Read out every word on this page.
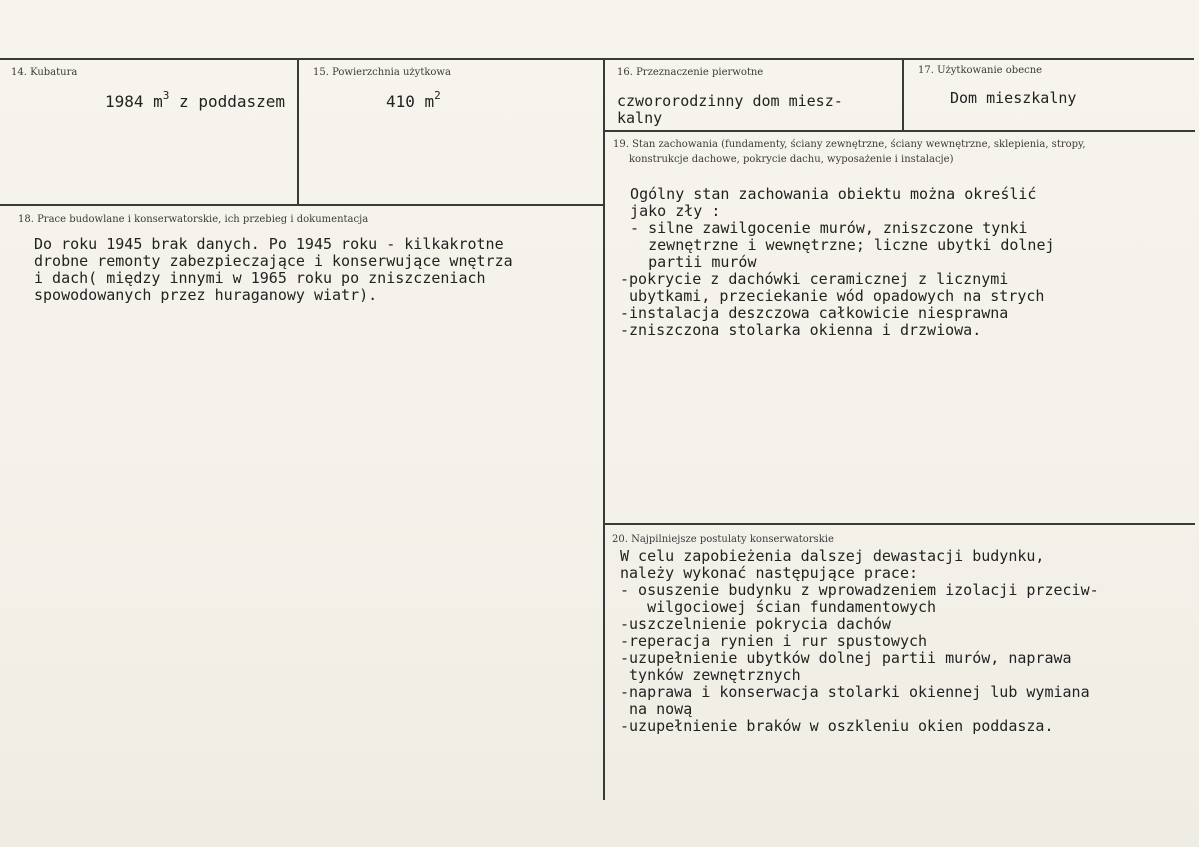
14. Kubatura
1984 $m^3$ z poddaszem
15. Powierzchnia użytkowa
410 $m^2$
16. Przeznaczenie pierwotne
czwororodzinny dom miesz-
kalny
17. Użytkowanie obecne
Dom mieszkalny
18. Prace budowlane i konserwatorskie, ich przebieg i dokumentacja
Do roku 1945 brak danych. Po 1945 roku - kilkakrotne
drobne remonty zabezpieczające i konserwujące wnętrza
i dach( między innymi w 1965 roku po zniszczeniach
spowodowanych przez huraganowy wiatr).
19. Stan zachowania (fundamenty, ściany zewnętrzne, ściany wewnętrzne, sklepienia, stropy,
konstrukcje dachowe, pokrycie dachu, wyposażenie i instalacje)
Ogólny stan zachowania obiektu można określić
jako zły :
- silne zawilgocenie murów, zniszczone tynki
zewnętrzne i wewnętrzne; liczne ubytki dolnej
partii murów
-pokrycie z dachówki ceramicznej z licznymi
ubytkami, przeciekanie wód opadowych na strych
-instalacja deszczowa całkowicie niesprawna
-zniszczona stolarka okienna i drzwiowa.
20. Najpilniejsze postulaty konserwatorskie
W celu zapobieżenia dalszej dewastacji budynku,
należy wykonać następujące prace:
- osuszenie budynku z wprowadzeniem izolacji przeciw-
wilgociowej ścian fundamentowych
-uszczelnienie pokrycia dachów
-reperacja rynien i rur spustowych
-uzupełnienie ubytków dolnej partii murów, naprawa
tynków zewnętrznych
-naprawa i konserwacja stolarki okiennej lub wymiana
na nową
-uzupełnienie braków w oszkleniu okien poddasza.
